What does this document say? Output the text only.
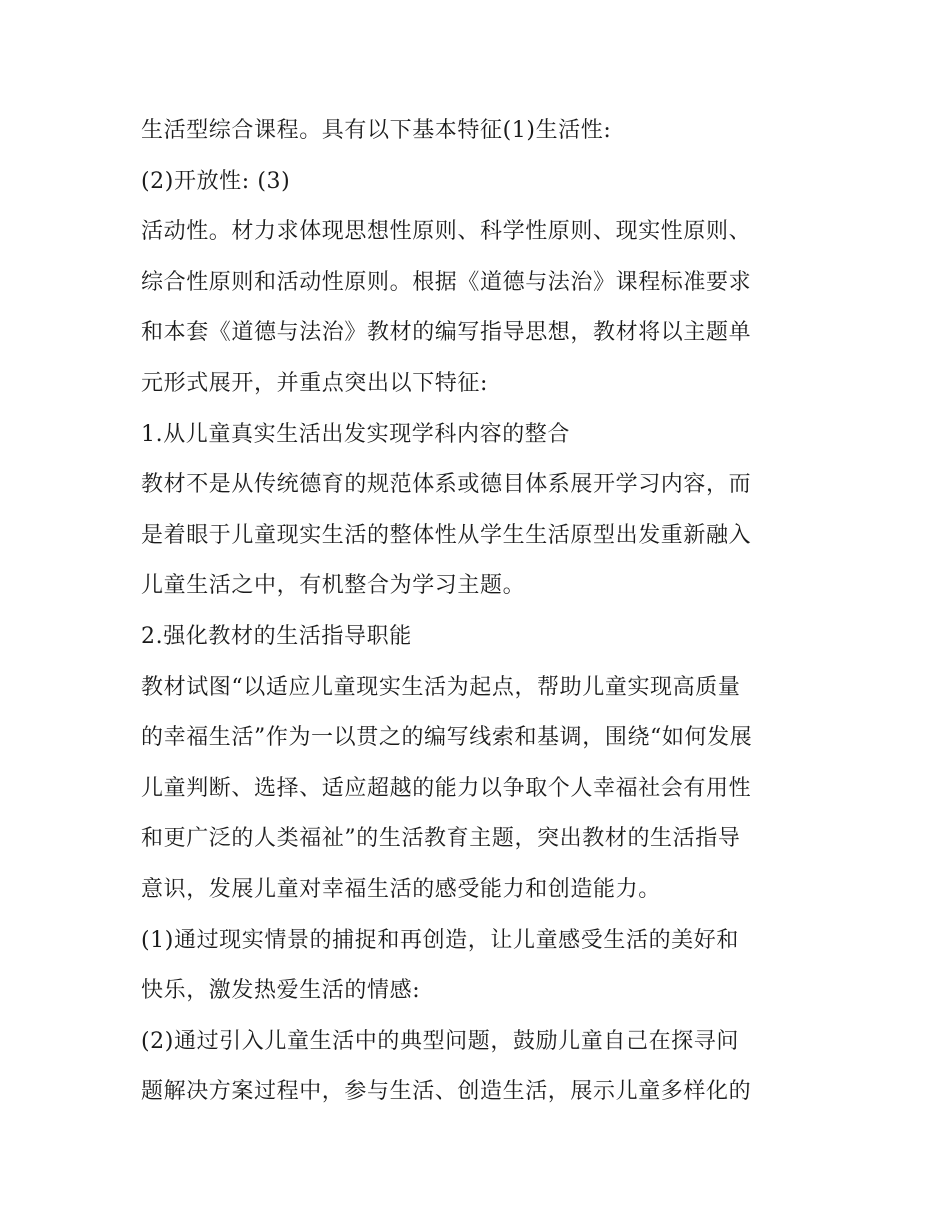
生活型综合课程。具有以下基本特征(1)生活性:

(2)开放性: (3)

活动性。材力求体现思想性原则、科学性原则、现实性原则、

综合性原则和活动性原则。根据《道德与法治》课程标准要求

和本套《道德与法治》教材的编写指导思想，教材将以主题单

元形式展开，并重点突出以下特征:

1.从儿童真实生活出发实现学科内容的整合

教材不是从传统德育的规范体系或德目体系展开学习内容，而

是着眼于儿童现实生活的整体性从学生生活原型出发重新融入

儿童生活之中，有机整合为学习主题。

2.强化教材的生活指导职能

教材试图“以适应儿童现实生活为起点，帮助儿童实现高质量

的幸福生活”作为一以贯之的编写线索和基调，围绕“如何发展

儿童判断、选择、适应超越的能力以争取个人幸福社会有用性

和更广泛的人类福祉”的生活教育主题，突出教材的生活指导

意识，发展儿童对幸福生活的感受能力和创造能力。

(1)通过现实情景的捕捉和再创造，让儿童感受生活的美好和

快乐，激发热爱生活的情感:

(2)通过引入儿童生活中的典型问题，鼓励儿童自己在探寻问

题解决方案过程中，参与生活、创造生活，展示儿童多样化的
